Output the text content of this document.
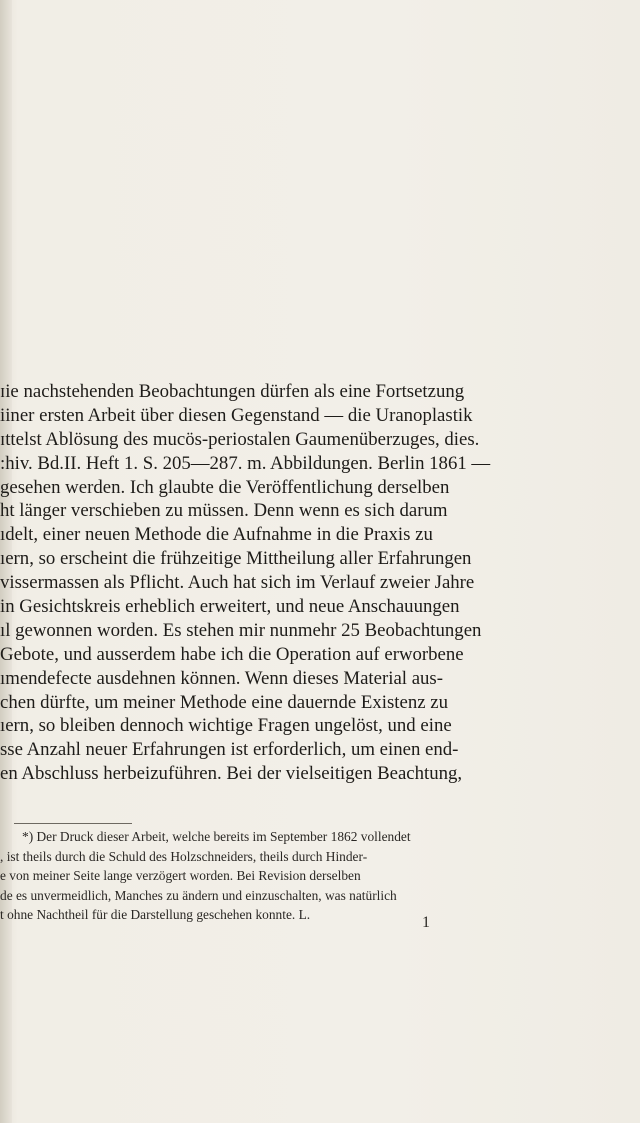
ɪie nachstehenden Beobachtungen dürfen als eine Fortsetzung
iiner ersten Arbeit über diesen Gegenstand — die Uranoplastik
ɪttelst Ablösung des mucös-periostalen Gaumenüberzuges, dies.
:hiv. Bd.II. Heft 1. S. 205—287. m. Abbildungen. Berlin 1861 —
gesehen werden. Ich glaubte die Veröffentlichung derselben
ht länger verschieben zu müssen. Denn wenn es sich darum
ıdelt, einer neuen Methode die Aufnahme in die Praxis zu
ıern, so erscheint die frühzeitige Mittheilung aller Erfahrungen
vissermassen als Pflicht. Auch hat sich im Verlauf zweier Jahre
in Gesichtskreis erheblich erweitert, und neue Anschauungen
ıl gewonnen worden. Es stehen mir nunmehr 25 Beobachtungen
Gebote, und ausserdem habe ich die Operation auf erworbene
ımendefecte ausdehnen können. Wenn dieses Material aus-
chen dürfte, um meiner Methode eine dauernde Existenz zu
ıern, so bleiben dennoch wichtige Fragen ungelöst, und eine
sse Anzahl neuer Erfahrungen ist erforderlich, um einen end-
en Abschluss herbeizuführen. Bei der vielseitigen Beachtung,
*) Der Druck dieser Arbeit, welche bereits im September 1862 vollendet
, ist theils durch die Schuld des Holzschneiders, theils durch Hinder-
e von meiner Seite lange verzögert worden. Bei Revision derselben
de es unvermeidlich, Manches zu ändern und einzuschalten, was natürlich
t ohne Nachtheil für die Darstellung geschehen konnte. L.	1
